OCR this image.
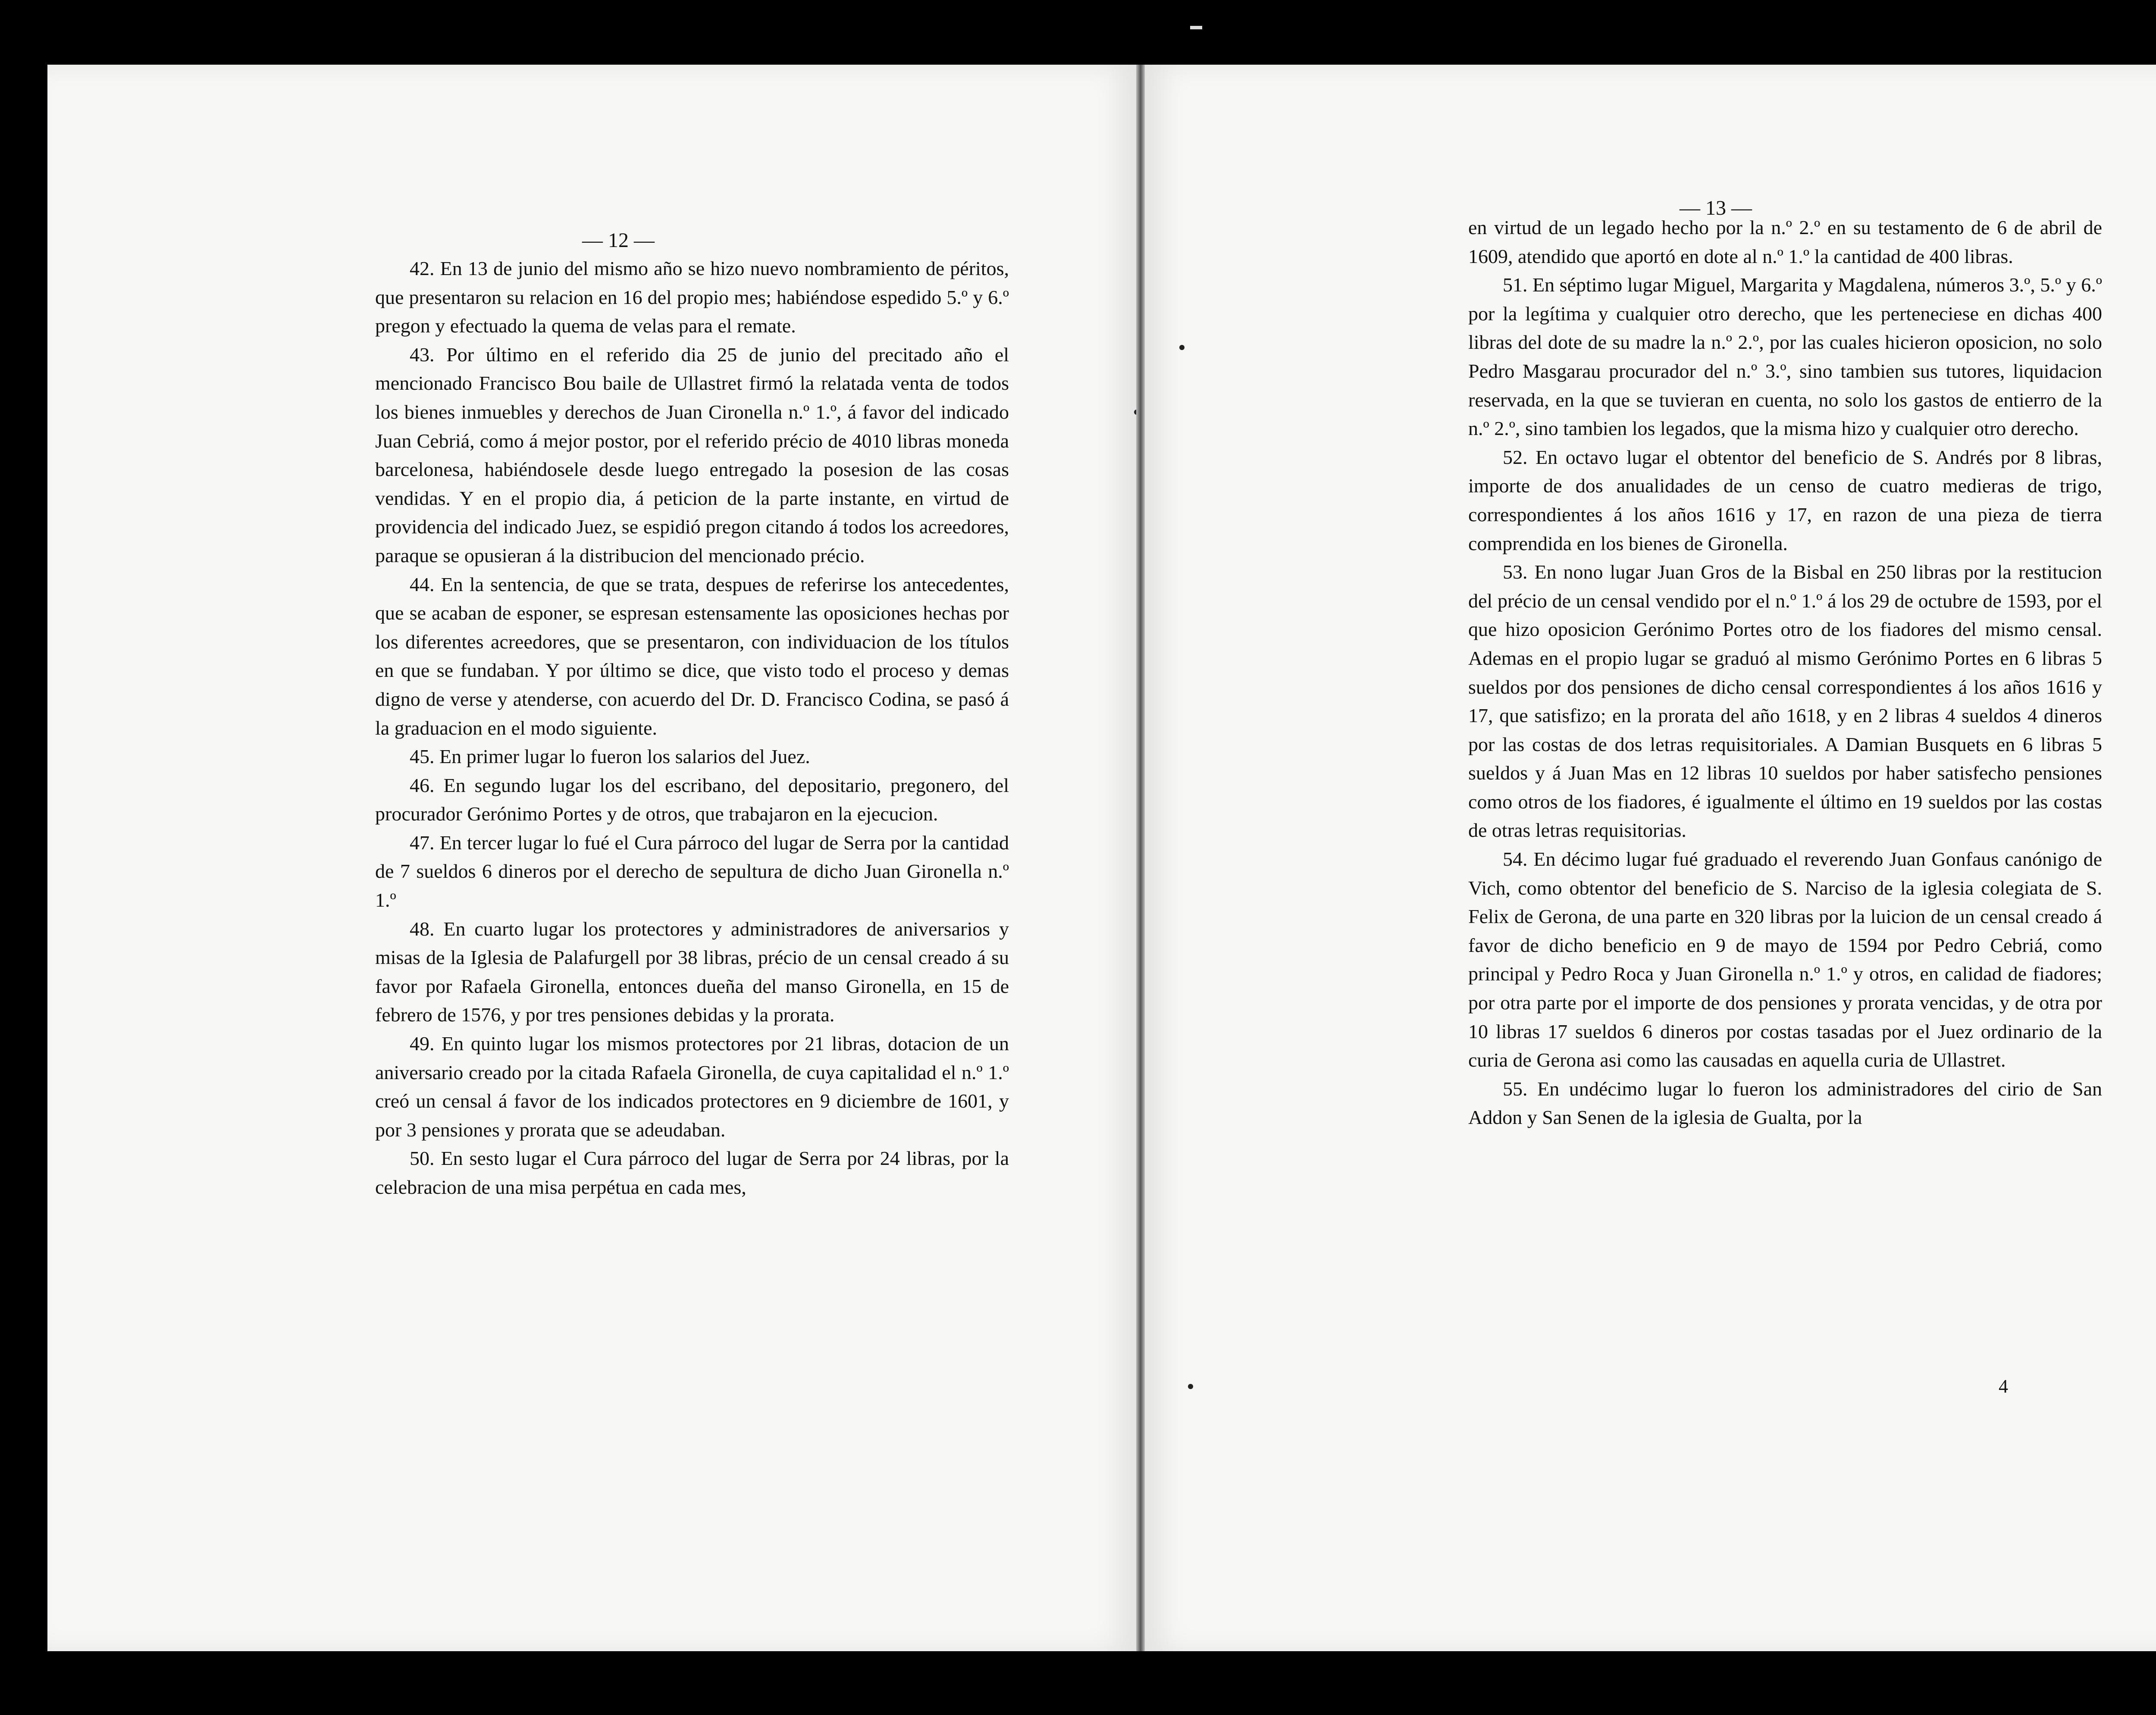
— 12 —

42. En 13 de junio del mismo año se hizo nuevo nombramiento de péritos, que presentaron su relacion en 16 del propio mes; habiéndose espedido 5.º y 6.º pregon y efectuado la quema de velas para el remate.

43. Por último en el referido dia 25 de junio del precitado año el mencionado Francisco Bou baile de Ullastret firmó la relatada venta de todos los bienes inmuebles y derechos de Juan Cironella n.º 1.º, á favor del indicado Juan Cebriá, como á mejor postor, por el referido précio de 4010 libras moneda barcelonesa, habiéndosele desde luego entregado la posesion de las cosas vendidas. Y en el propio dia, á peticion de la parte instante, en virtud de providencia del indicado Juez, se espidió pregon citando á todos los acreedores, paraque se opusieran á la distribucion del mencionado précio.

44. En la sentencia, de que se trata, despues de referirse los antecedentes, que se acaban de esponer, se espresan estensamente las oposiciones hechas por los diferentes acreedores, que se presentaron, con individuacion de los títulos en que se fundaban. Y por último se dice, que visto todo el proceso y demas digno de verse y atenderse, con acuerdo del Dr. D. Francisco Codina, se pasó á la graduacion en el modo siguiente.

45. En primer lugar lo fueron los salarios del Juez.

46. En segundo lugar los del escribano, del depositario, pregonero, del procurador Gerónimo Portes y de otros, que trabajaron en la ejecucion.

47. En tercer lugar lo fué el Cura párroco del lugar de Serra por la cantidad de 7 sueldos 6 dineros por el derecho de sepultura de dicho Juan Gironella n.º 1.º

48. En cuarto lugar los protectores y administradores de aniversarios y misas de la Iglesia de Palafurgell por 38 libras, précio de un censal creado á su favor por Rafaela Gironella, entonces dueña del manso Gironella, en 15 de febrero de 1576, y por tres pensiones debidas y la prorata.

49. En quinto lugar los mismos protectores por 21 libras, dotacion de un aniversario creado por la citada Rafaela Gironella, de cuya capitalidad el n.º 1.º creó un censal á favor de los indicados protectores en 9 diciembre de 1601, y por 3 pensiones y prorata que se adeudaban.

50. En sesto lugar el Cura párroco del lugar de Serra por 24 libras, por la celebracion de una misa perpétua en cada mes,

— 13 —

en virtud de un legado hecho por la n.º 2.º en su testamento de 6 de abril de 1609, atendido que aportó en dote al n.º 1.º la cantidad de 400 libras.

51. En séptimo lugar Miguel, Margarita y Magdalena, números 3.º, 5.º y 6.º por la legítima y cualquier otro derecho, que les perteneciese en dichas 400 libras del dote de su madre la n.º 2.º, por las cuales hicieron oposicion, no solo Pedro Masgarau procurador del n.º 3.º, sino tambien sus tutores, liquidacion reservada, en la que se tuvieran en cuenta, no solo los gastos de entierro de la n.º 2.º, sino tambien los legados, que la misma hizo y cualquier otro derecho.

52. En octavo lugar el obtentor del beneficio de S. Andrés por 8 libras, importe de dos anualidades de un censo de cuatro medieras de trigo, correspondientes á los años 1616 y 17, en razon de una pieza de tierra comprendida en los bienes de Gironella.

53. En nono lugar Juan Gros de la Bisbal en 250 libras por la restitucion del précio de un censal vendido por el n.º 1.º á los 29 de octubre de 1593, por el que hizo oposicion Gerónimo Portes otro de los fiadores del mismo censal. Ademas en el propio lugar se graduó al mismo Gerónimo Portes en 6 libras 5 sueldos por dos pensiones de dicho censal correspondientes á los años 1616 y 17, que satisfizo; en la prorata del año 1618, y en 2 libras 4 sueldos 4 dineros por las costas de dos letras requisitoriales. A Damian Busquets en 6 libras 5 sueldos y á Juan Mas en 12 libras 10 sueldos por haber satisfecho pensiones como otros de los fiadores, é igualmente el último en 19 sueldos por las costas de otras letras requisitorias.

54. En décimo lugar fué graduado el reverendo Juan Gonfaus canónigo de Vich, como obtentor del beneficio de S. Narciso de la iglesia colegiata de S. Felix de Gerona, de una parte en 320 libras por la luicion de un censal creado á favor de dicho beneficio en 9 de mayo de 1594 por Pedro Cebriá, como principal y Pedro Roca y Juan Gironella n.º 1.º y otros, en calidad de fiadores; por otra parte por el importe de dos pensiones y prorata vencidas, y de otra por 10 libras 17 sueldos 6 dineros por costas tasadas por el Juez ordinario de la curia de Gerona asi como las causadas en aquella curia de Ullastret.

55. En undécimo lugar lo fueron los administradores del cirio de San Addon y San Senen de la iglesia de Gualta, por la

4
